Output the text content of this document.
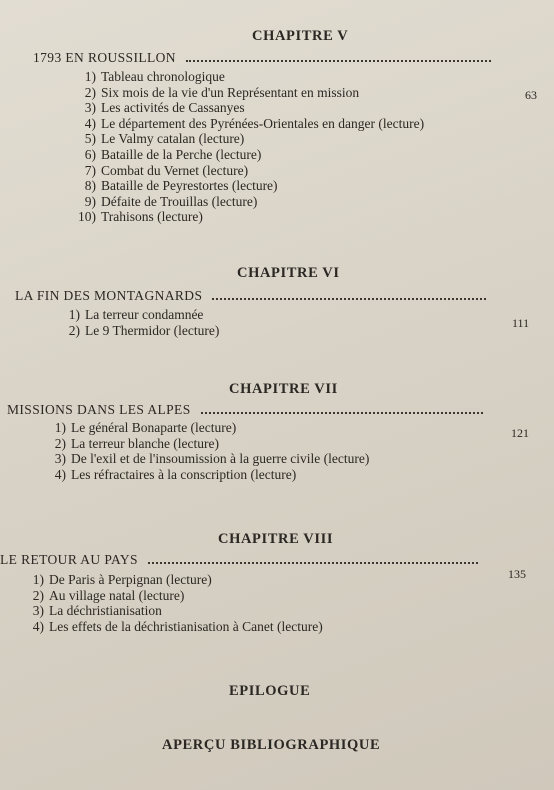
CHAPITRE V
1793 EN ROUSSILLON
63
1) Tableau chronologique
2) Six mois de la vie d'un Représentant en mission
3) Les activités de Cassanyes
4) Le département des Pyrénées-Orientales en danger (lecture)
5) Le Valmy catalan (lecture)
6) Bataille de la Perche (lecture)
7) Combat du Vernet (lecture)
8) Bataille de Peyrestortes (lecture)
9) Défaite de Trouillas (lecture)
10) Trahisons (lecture)
CHAPITRE VI
LA FIN DES MONTAGNARDS
111
1) La terreur condamnée
2) Le 9 Thermidor (lecture)
CHAPITRE VII
MISSIONS DANS LES ALPES
121
1) Le général Bonaparte (lecture)
2) La terreur blanche (lecture)
3) De l'exil et de l'insoumission à la guerre civile (lecture)
4) Les réfractaires à la conscription (lecture)
CHAPITRE VIII
LE RETOUR AU PAYS
135
1) De Paris à Perpignan (lecture)
2) Au village natal (lecture)
3) La déchristianisation
4) Les effets de la déchristianisation à Canet (lecture)
EPILOGUE
APERÇU BIBLIOGRAPHIQUE
